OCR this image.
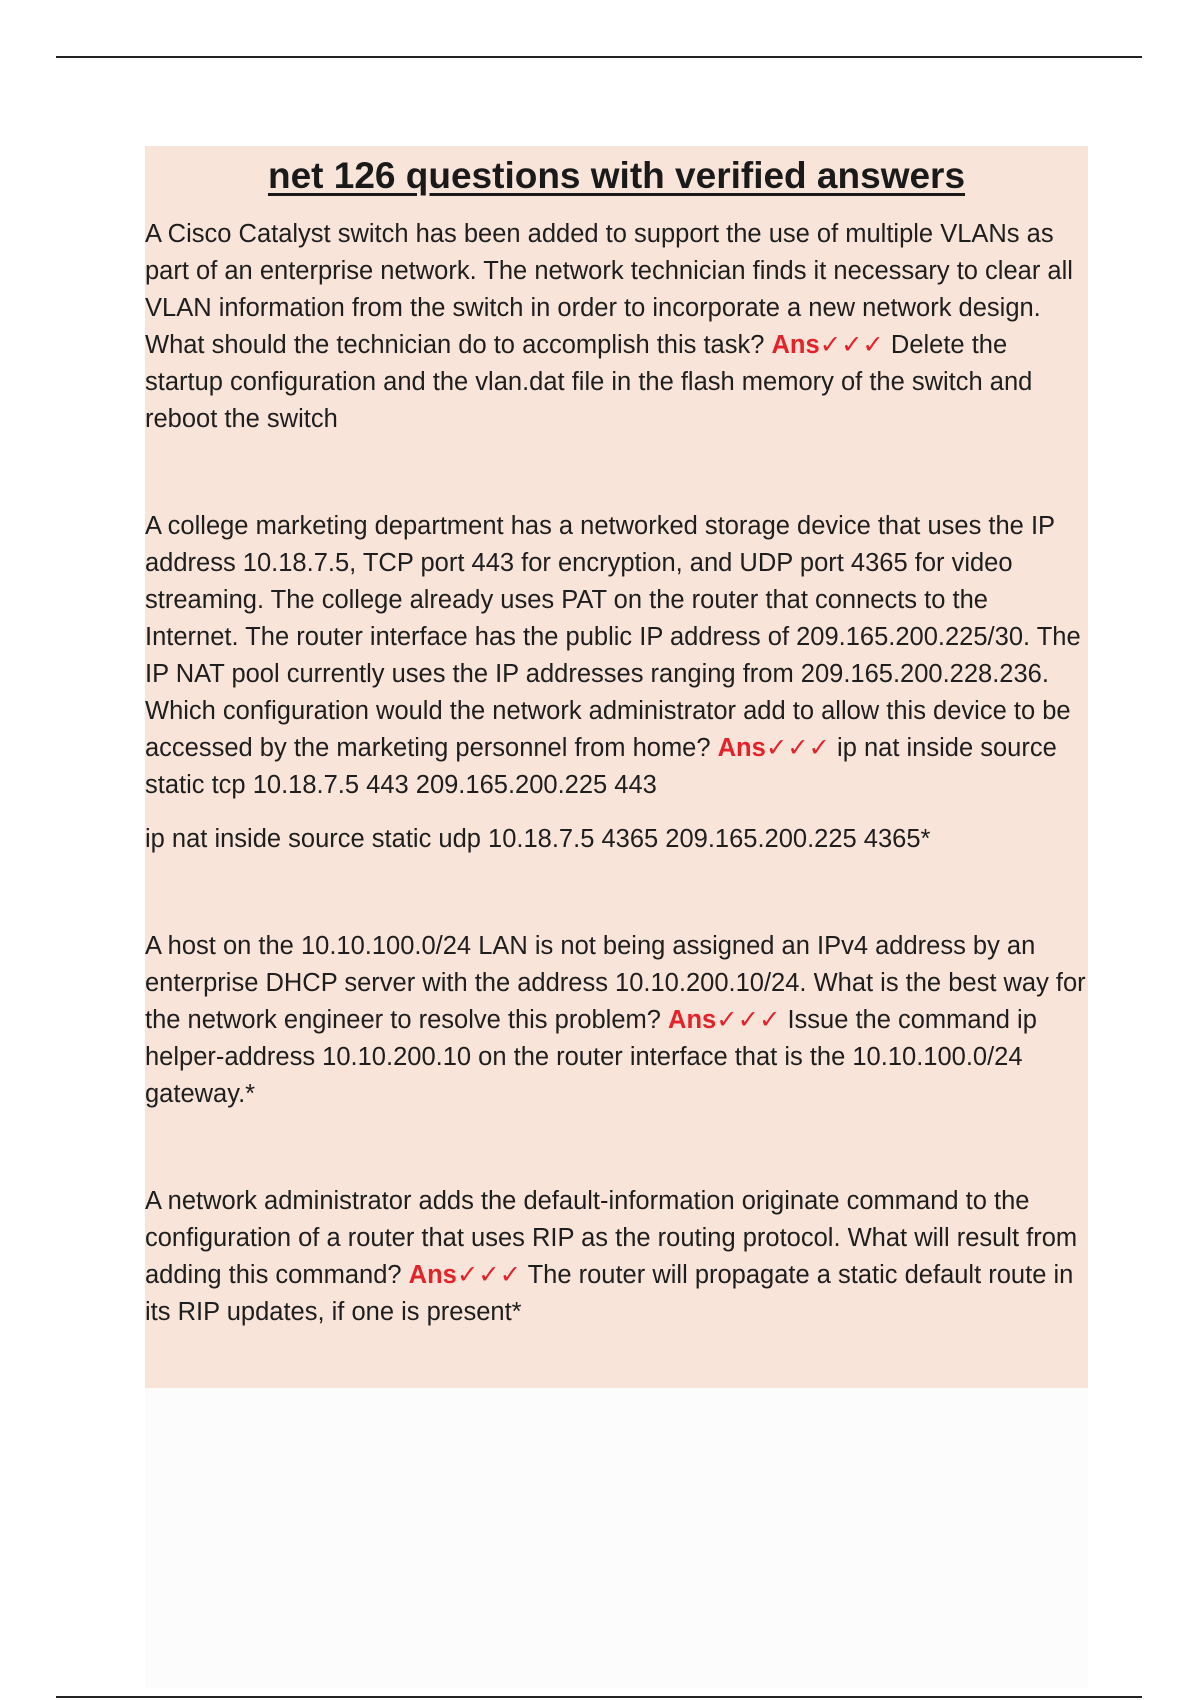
net 126 questions with verified answers

A Cisco Catalyst switch has been added to support the use of multiple VLANs as part of an enterprise network. The network technician finds it necessary to clear all VLAN information from the switch in order to incorporate a new network design. What should the technician do to accomplish this task? Ans✓✓✓ Delete the startup configuration and the vlan.dat file in the flash memory of the switch and reboot the switch

A college marketing department has a networked storage device that uses the IP address 10.18.7.5, TCP port 443 for encryption, and UDP port 4365 for video streaming. The college already uses PAT on the router that connects to the Internet. The router interface has the public IP address of 209.165.200.225/30. The IP NAT pool currently uses the IP addresses ranging from 209.165.200.228.236. Which configuration would the network administrator add to allow this device to be accessed by the marketing personnel from home? Ans✓✓✓ ip nat inside source static tcp 10.18.7.5 443 209.165.200.225 443

ip nat inside source static udp 10.18.7.5 4365 209.165.200.225 4365*

A host on the 10.10.100.0/24 LAN is not being assigned an IPv4 address by an enterprise DHCP server with the address 10.10.200.10/24. What is the best way for the network engineer to resolve this problem? Ans✓✓✓ Issue the command ip helper-address 10.10.200.10 on the router interface that is the 10.10.100.0/24 gateway.*

A network administrator adds the default-information originate command to the configuration of a router that uses RIP as the routing protocol. What will result from adding this command? Ans✓✓✓ The router will propagate a static default route in its RIP updates, if one is present*
